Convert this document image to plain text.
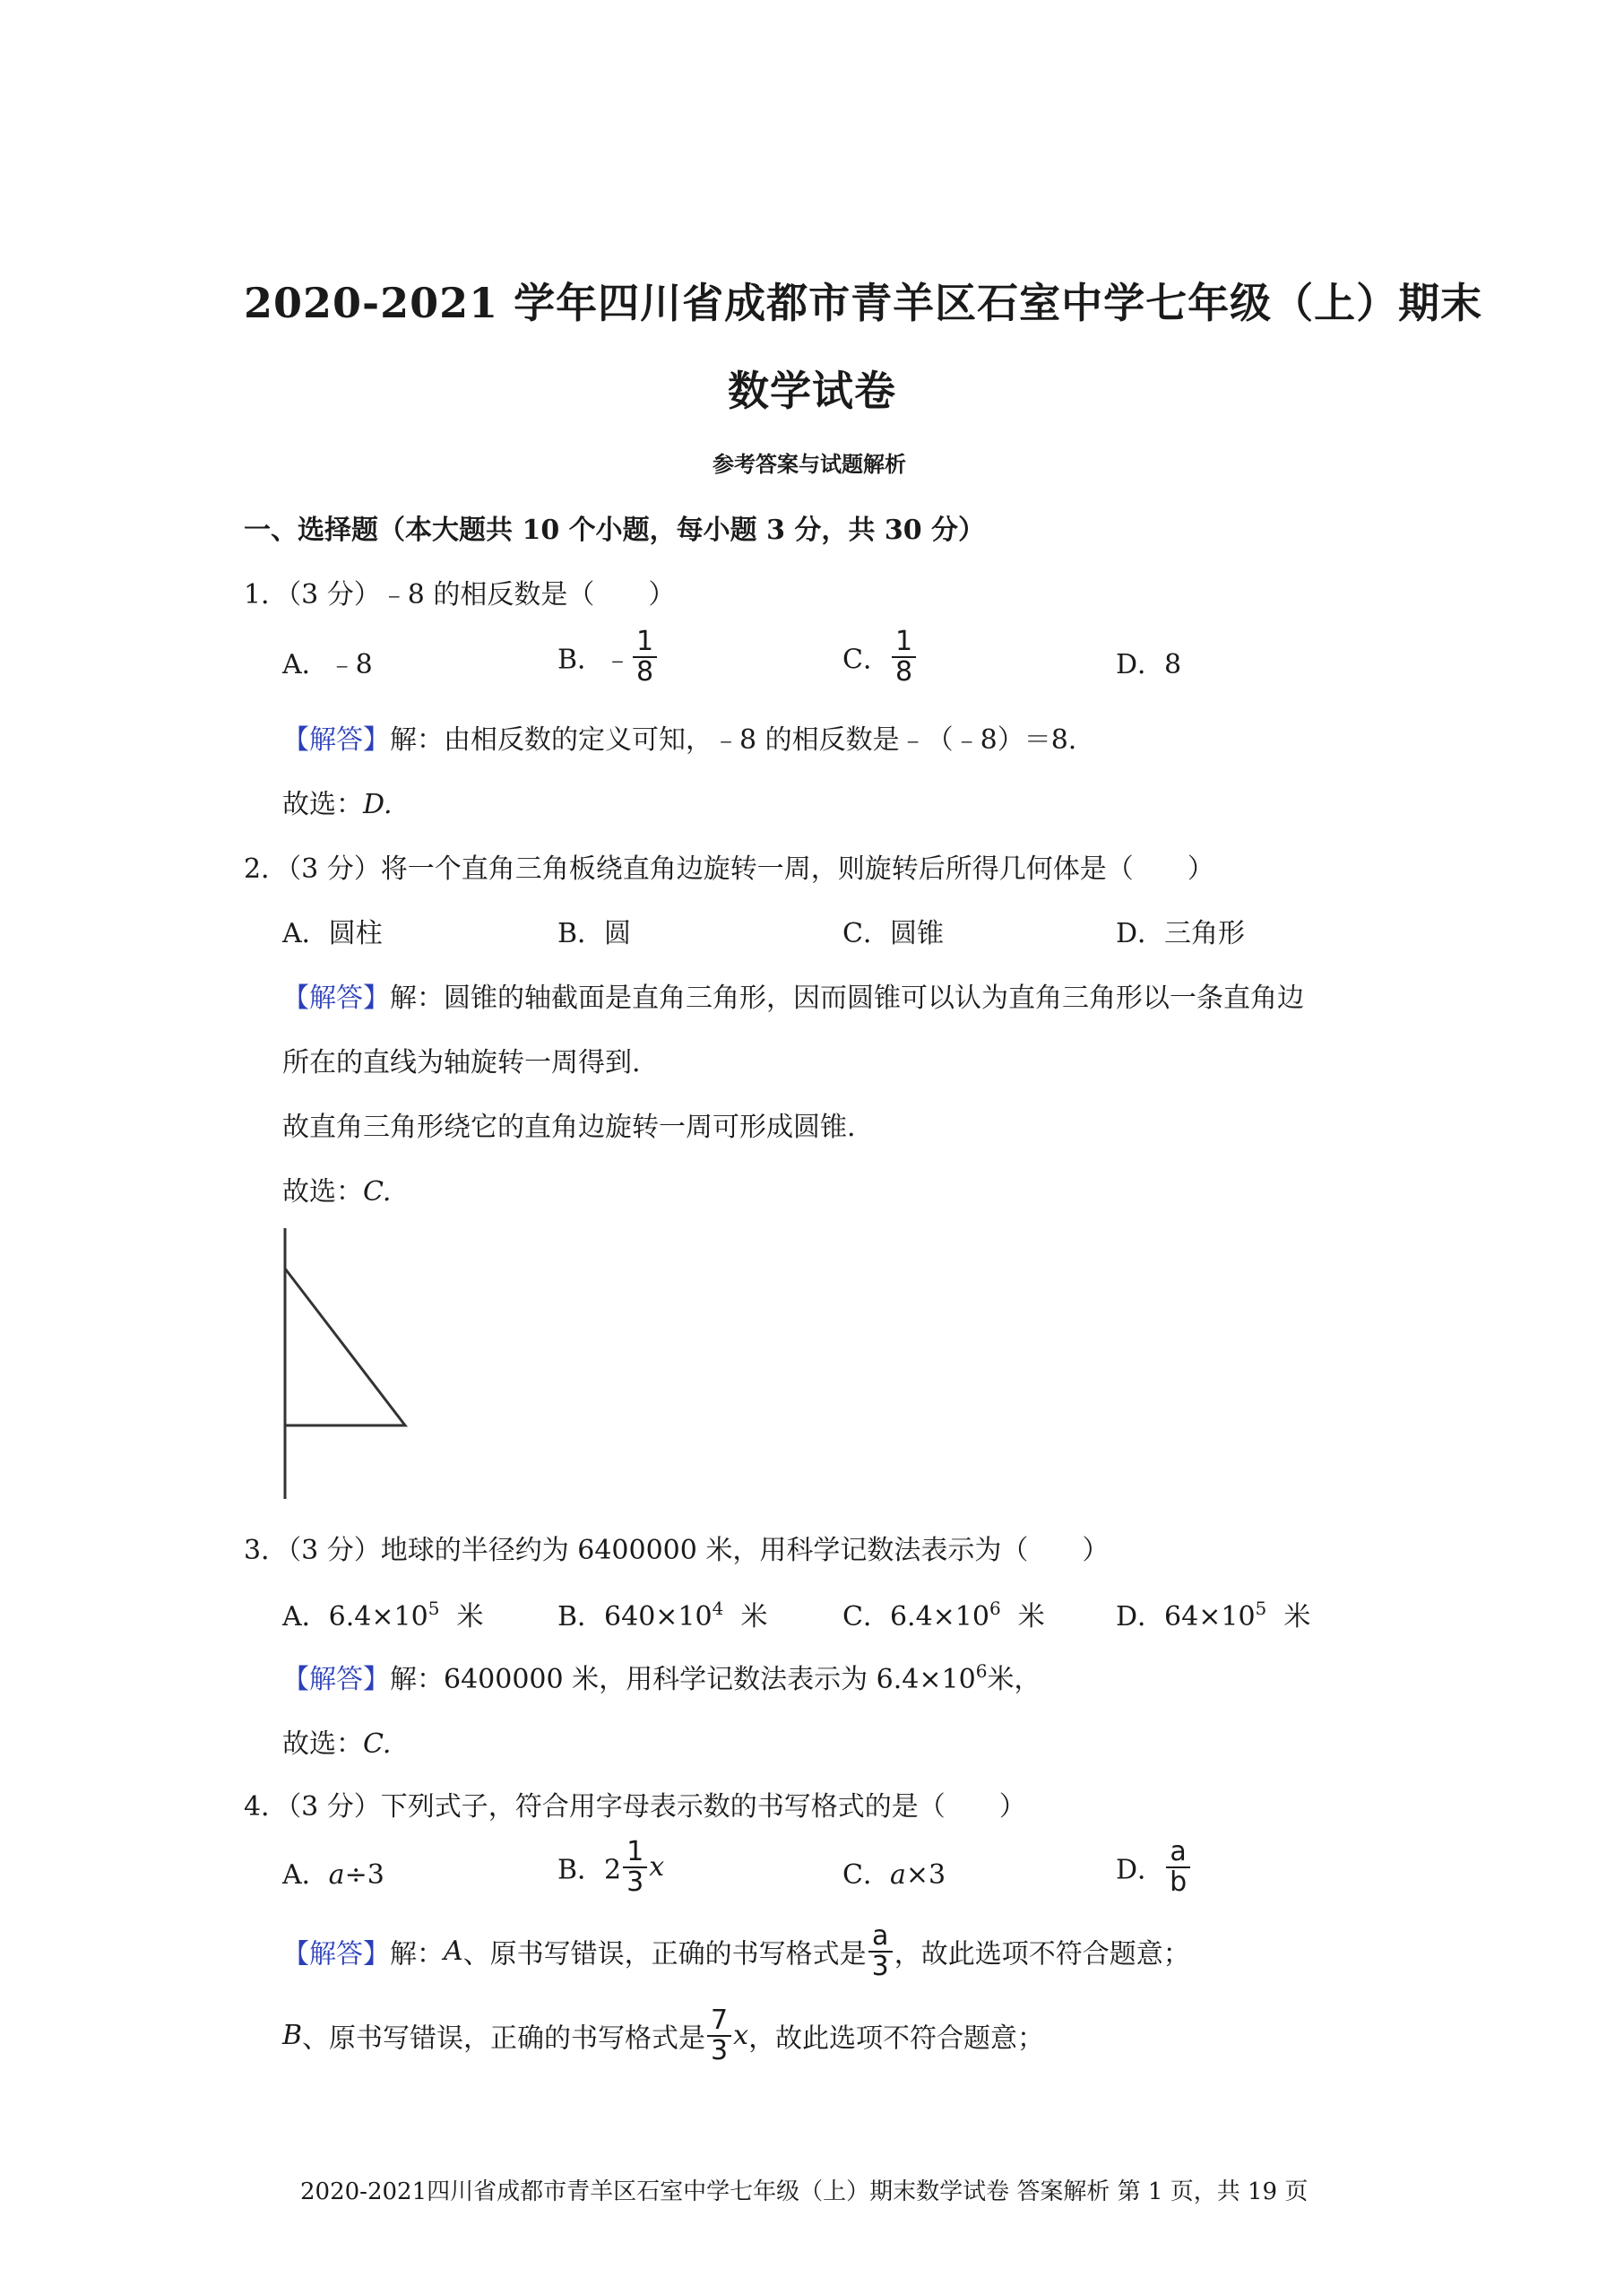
2020-2021 学年四川省成都市青羊区石室中学七年级（上）期末
数学试卷
参考答案与试题解析
一、选择题（本大题共 10 个小题，每小题 3 分，共 30 分）
1．（3 分）﹣8 的相反数是（　　）
A．﹣8	B．﹣ $\frac{1}{8}$	C． $\frac{1}{8}$	D．8
【解答】解：由相反数的定义可知，﹣8 的相反数是﹣（﹣8）＝8.
故选：D.
2．（3 分）将一个直角三角板绕直角边旋转一周，则旋转后所得几何体是（　　）
A．圆柱	B．圆	C．圆锥	D．三角形
【解答】解：圆锥的轴截面是直角三角形，因而圆锥可以认为直角三角形以一条直角边
所在的直线为轴旋转一周得到.
故直角三角形绕它的直角边旋转一周可形成圆锥.
故选：C.
3．（3 分）地球的半径约为 6400000 米，用科学记数法表示为（　　）
A．$6.4\times 10^5$ 米	B．$640\times 10^4$ 米	C．$6.4\times 10^6$ 米	D．$64\times 10^5$ 米
【解答】解：6400000 米，用科学记数法表示为 $6.4\times 10^6$米，
故选：C.
4．（3 分）下列式子，符合用字母表示数的书写格式的是（　　）
A．a÷3	B．$2 \frac{1}{3}$ x	C．a×3	D． $\frac{a}{b}$
【解答】解：A、原书写错误，正确的书写格式是 $\frac{a}{3}$ ，故此选项不符合题意；
B、原书写错误，正确的书写格式是 $\frac{7}{3}$ x，故此选项不符合题意；
2020-2021四川省成都市青羊区石室中学七年级（上）期末数学试卷 答案解析 第 1 页，共 19 页
